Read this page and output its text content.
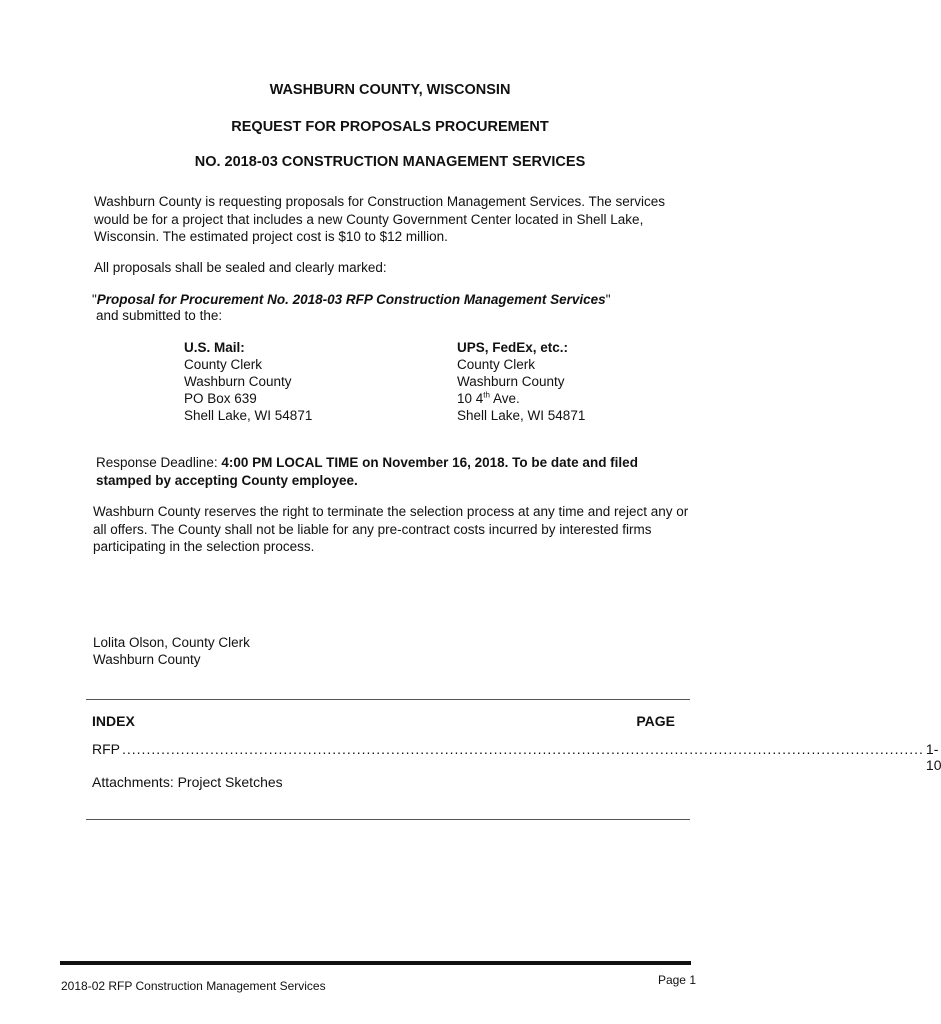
WASHBURN COUNTY, WISCONSIN
REQUEST FOR PROPOSALS PROCUREMENT
NO. 2018-03 CONSTRUCTION MANAGEMENT SERVICES
Washburn County is requesting proposals for Construction Management Services. The services would be for a project that includes a new County Government Center located in Shell Lake, Wisconsin. The estimated project cost is $10 to $12 million.
All proposals shall be sealed and clearly marked:
"Proposal for Procurement No. 2018-03 RFP Construction Management Services"
and submitted to the:
U.S. Mail:
County Clerk
Washburn County
PO Box 639
Shell Lake, WI 54871
UPS, FedEx, etc.:
County Clerk
Washburn County
10 4th Ave.
Shell Lake, WI 54871
Response Deadline: 4:00 PM LOCAL TIME on November 16, 2018. To be date and filed stamped by accepting County employee.
Washburn County reserves the right to terminate the selection process at any time and reject any or all offers. The County shall not be liable for any pre-contract costs incurred by interested firms participating in the selection process.
Lolita Olson, County Clerk
Washburn County
INDEX	PAGE
RFP .................................................................................................................................................................... 1-10
Attachments: Project Sketches
2018-02 RFP Construction Management Services	Page 1
